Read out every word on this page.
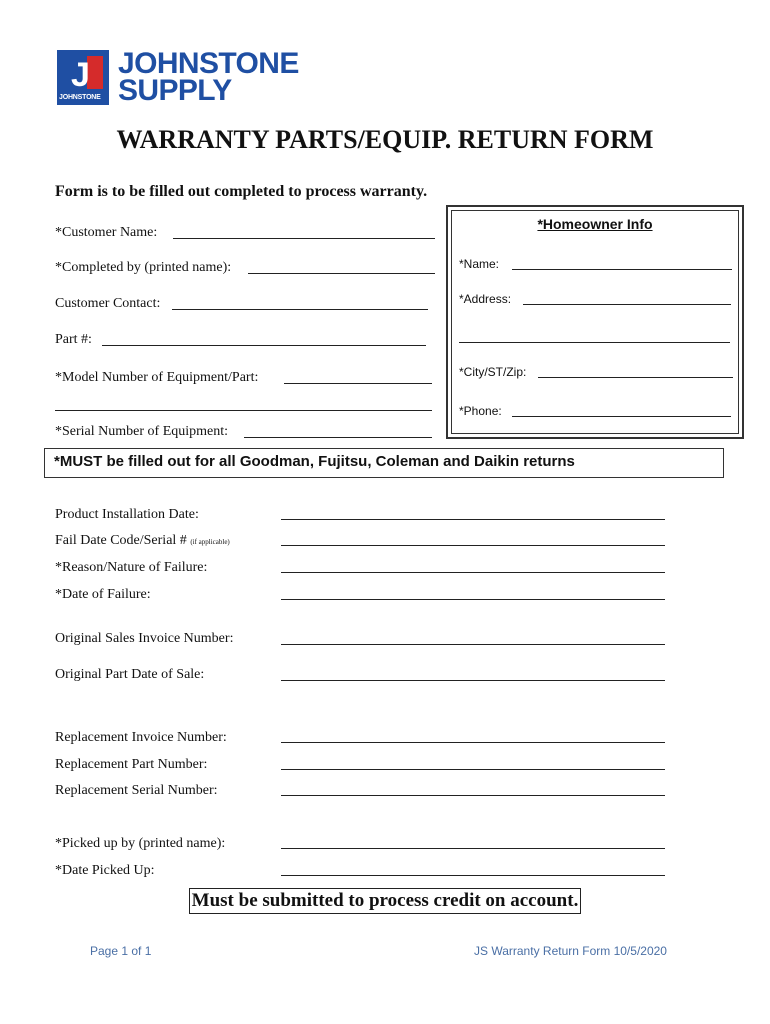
J
JOHNSTONE
JOHNSTONE
SUPPLY
WARRANTY PARTS/EQUIP. RETURN FORM
Form is to be filled out completed to process warranty.
*Customer Name:
*Completed by (printed name):
Customer Contact:
Part #:
*Model Number of Equipment/Part:
*Serial Number of Equipment:
*Homeowner Info
*Name:
*Address:
*City/ST/Zip:
*Phone:
*MUST be filled out for all Goodman, Fujitsu, Coleman and Daikin returns
Product Installation Date:
Fail Date Code/Serial # (if applicable)
*Reason/Nature of Failure:
*Date of Failure:
Original Sales Invoice Number:
Original Part Date of Sale:
Replacement Invoice Number:
Replacement Part Number:
Replacement Serial Number:
*Picked up by (printed name):
*Date Picked Up:
Must be submitted to process credit on account.
Page 1 of 1	JS Warranty Return Form 10/5/2020
